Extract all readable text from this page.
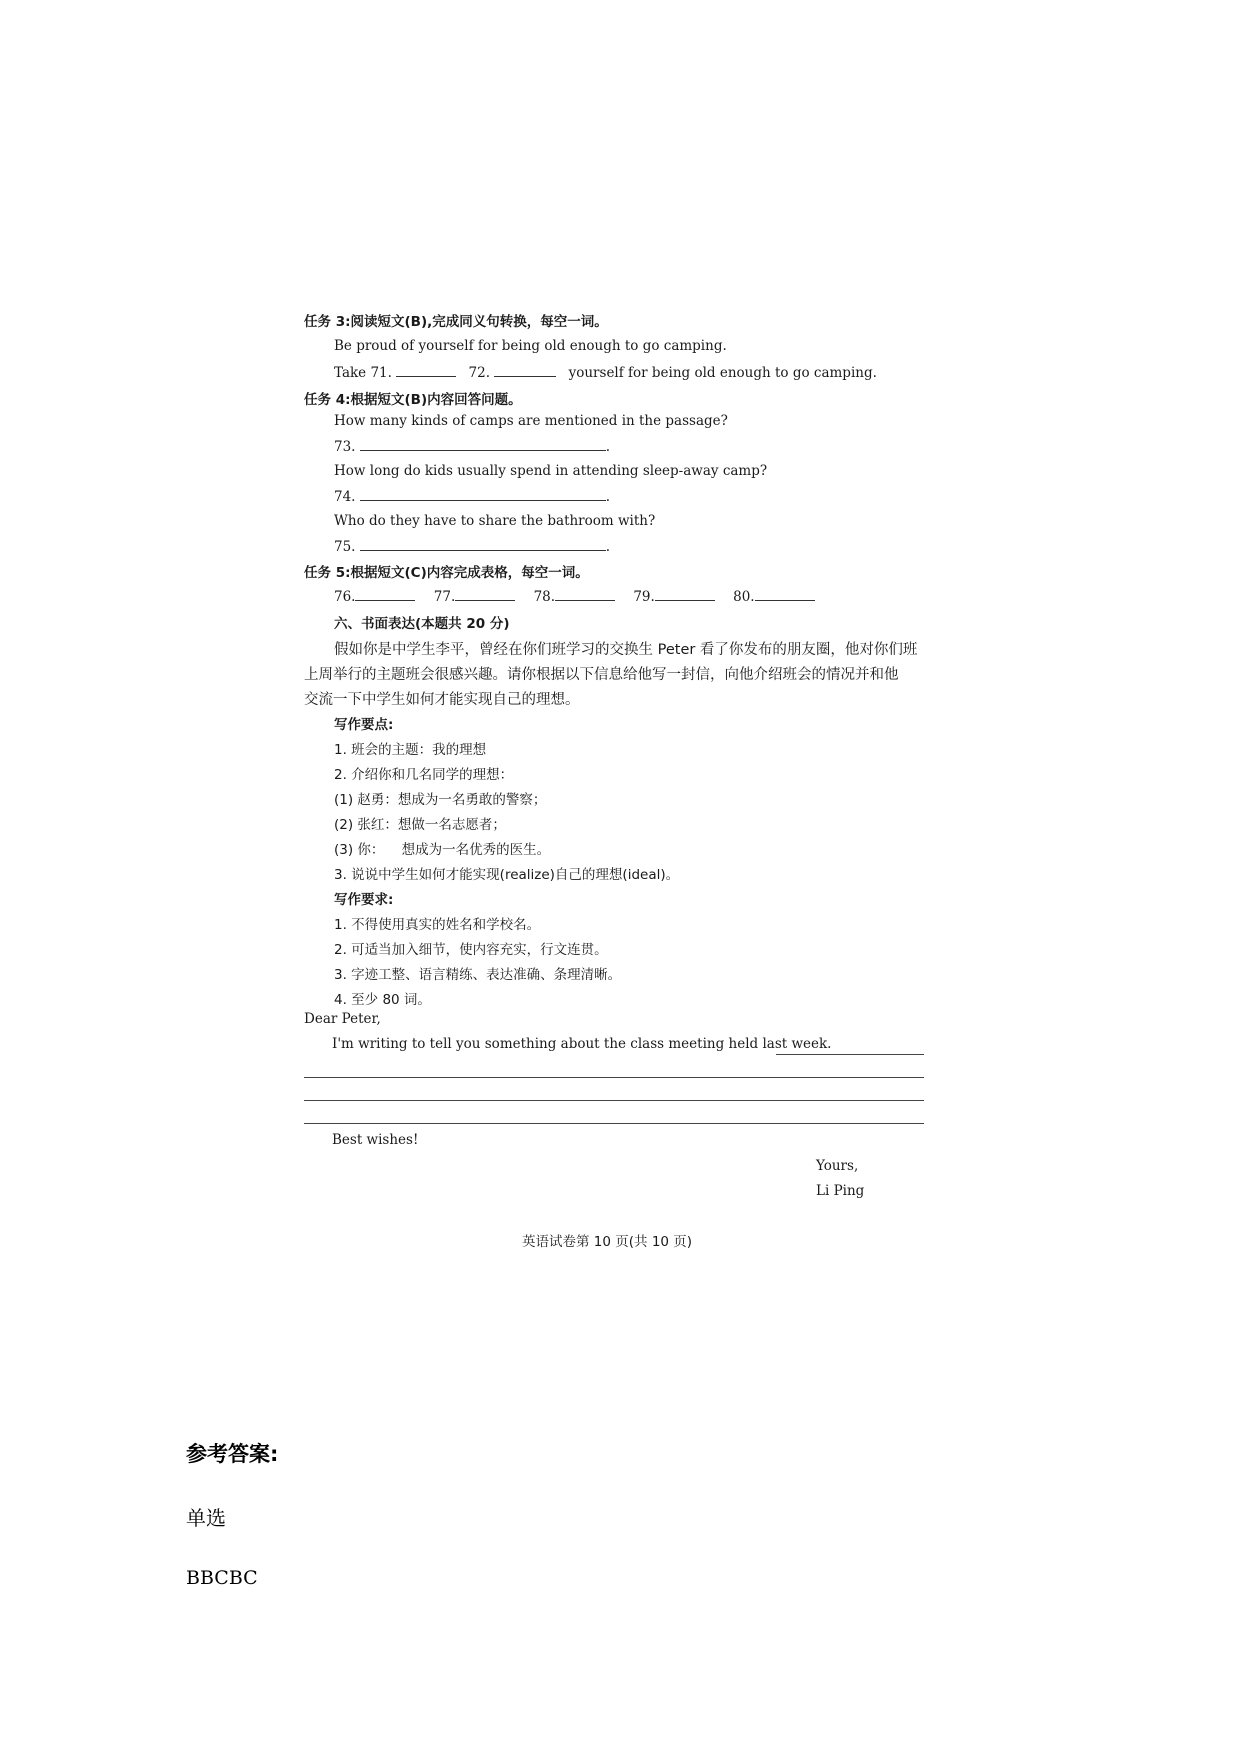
任务 3:阅读短文(B),完成同义句转换，每空一词。
Be proud of yourself for being old enough to go camping.
Take 71.	72.	yourself for being old enough to go camping.
任务 4:根据短文(B)内容回答问题。
How many kinds of camps are mentioned in the passage?
73.	.
How long do kids usually spend in attending sleep-away camp?
74.	.
Who do they have to share the bathroom with?
75.	.
任务 5:根据短文(C)内容完成表格，每空一词。
76.	77.	78.	79.	80.
六、书面表达(本题共 20 分)
假如你是中学生李平，曾经在你们班学习的交换生 Peter 看了你发布的朋友圈，他对你们班
上周举行的主题班会很感兴趣。请你根据以下信息给他写一封信，向他介绍班会的情况并和他
交流一下中学生如何才能实现自己的理想。
写作要点:
1. 班会的主题：我的理想
2. 介绍你和几名同学的理想：
(1) 赵勇：想成为一名勇敢的警察；
(2) 张红：想做一名志愿者；
(3) 你：    想成为一名优秀的医生。
3. 说说中学生如何才能实现(realize)自己的理想(ideal)。
写作要求:
1. 不得使用真实的姓名和学校名。
2. 可适当加入细节，使内容充实，行文连贯。
3. 字迹工整、语言精练、表达准确、条理清晰。
4. 至少 80 词。
Dear Peter,
I'm writing to tell you something about the class meeting held last week.
Best wishes!
Yours,
Li Ping
英语试卷第 10 页(共 10 页)
参考答案:
单选
BBCBC
